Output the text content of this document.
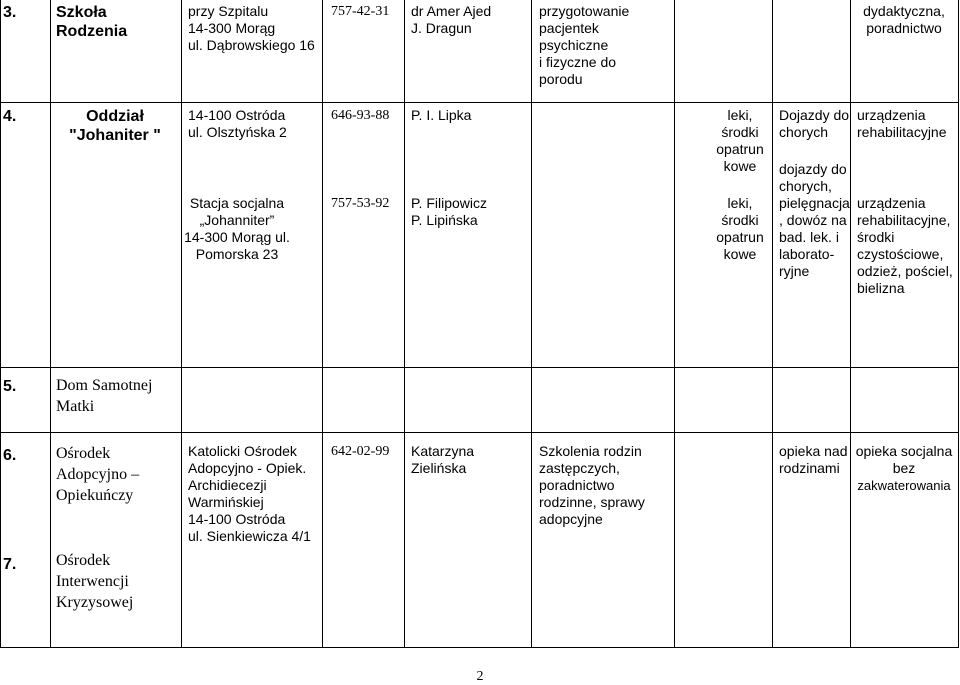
3. Szkoła
Rodzenia
przy Szpitalu
14-300 Morąg
ul. Dąbrowskiego 16
757-42-31 dr Amer Ajed
J. Dragun
przygotowanie
pacjentek
psychiczne
i fizyczne do
porodu
dydaktyczna,
poradnictwo
4.	Oddział
"Johaniter "
14-100 Ostróda
ul. Olsztyńska 2
Stacja socjalna
„Johanniter”
14-300 Morąg ul.
Pomorska 23
646-93-88
757-53-92
P. I. Lipka
P. Filipowicz
P. Lipińska
leki,
środki
opatrun
kowe
leki,
środki
opatrun
kowe
Dojazdy do
chorych
dojazdy do
chorych,
pielęgnacja
, dowóz na
bad. lek. i
laborato-
ryjne
urządzenia
rehabilitacyjne
urządzenia
rehabilitacyjne,
środki
czystościowe,
odzież, pościel,
bielizna
5. Dom Samotnej
Matki
6. Ośrodek
Adopcyjno –
Opiekuńczy
Katolicki Ośrodek
Adopcyjno - Opiek.
Archidiecezji
Warmińskiej
14-100 Ostróda
ul. Sienkiewicza 4/1
642-02-99 Katarzyna
Zielińska
Szkolenia rodzin
zastępczych,
poradnictwo
rodzinne, sprawy
adopcyjne
opieka nad
rodzinami
opieka socjalna
bez
zakwaterowania
7. Ośrodek
Interwencji
Kryzysowej
2
